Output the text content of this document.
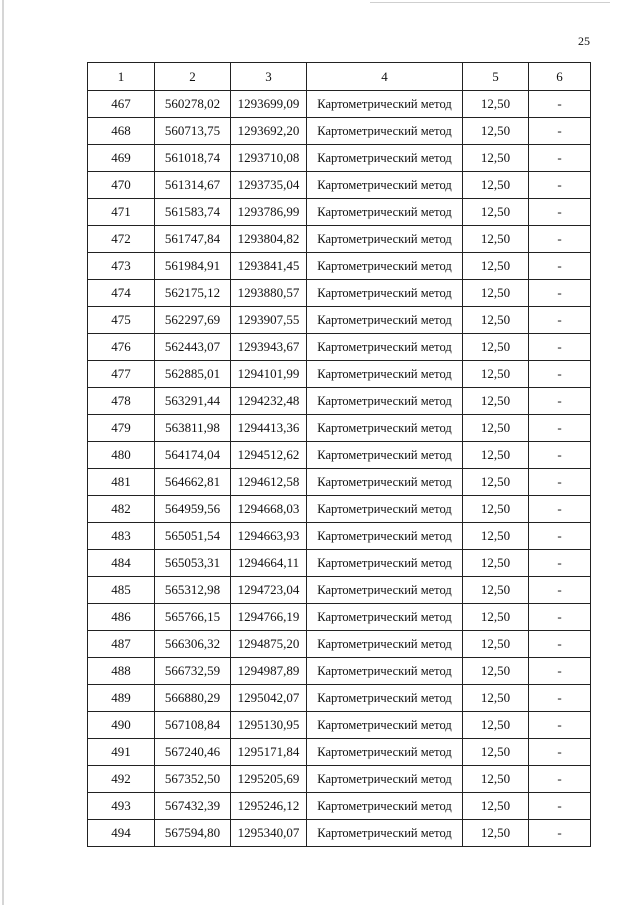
25
1	2	3	4	5	6
467	560278,02	1293699,09	Картометрический метод	12,50	-
468	560713,75	1293692,20	Картометрический метод	12,50	-
469	561018,74	1293710,08	Картометрический метод	12,50	-
470	561314,67	1293735,04	Картометрический метод	12,50	-
471	561583,74	1293786,99	Картометрический метод	12,50	-
472	561747,84	1293804,82	Картометрический метод	12,50	-
473	561984,91	1293841,45	Картометрический метод	12,50	-
474	562175,12	1293880,57	Картометрический метод	12,50	-
475	562297,69	1293907,55	Картометрический метод	12,50	-
476	562443,07	1293943,67	Картометрический метод	12,50	-
477	562885,01	1294101,99	Картометрический метод	12,50	-
478	563291,44	1294232,48	Картометрический метод	12,50	-
479	563811,98	1294413,36	Картометрический метод	12,50	-
480	564174,04	1294512,62	Картометрический метод	12,50	-
481	564662,81	1294612,58	Картометрический метод	12,50	-
482	564959,56	1294668,03	Картометрический метод	12,50	-
483	565051,54	1294663,93	Картометрический метод	12,50	-
484	565053,31	1294664,11	Картометрический метод	12,50	-
485	565312,98	1294723,04	Картометрический метод	12,50	-
486	565766,15	1294766,19	Картометрический метод	12,50	-
487	566306,32	1294875,20	Картометрический метод	12,50	-
488	566732,59	1294987,89	Картометрический метод	12,50	-
489	566880,29	1295042,07	Картометрический метод	12,50	-
490	567108,84	1295130,95	Картометрический метод	12,50	-
491	567240,46	1295171,84	Картометрический метод	12,50	-
492	567352,50	1295205,69	Картометрический метод	12,50	-
493	567432,39	1295246,12	Картометрический метод	12,50	-
494	567594,80	1295340,07	Картометрический метод	12,50	-
